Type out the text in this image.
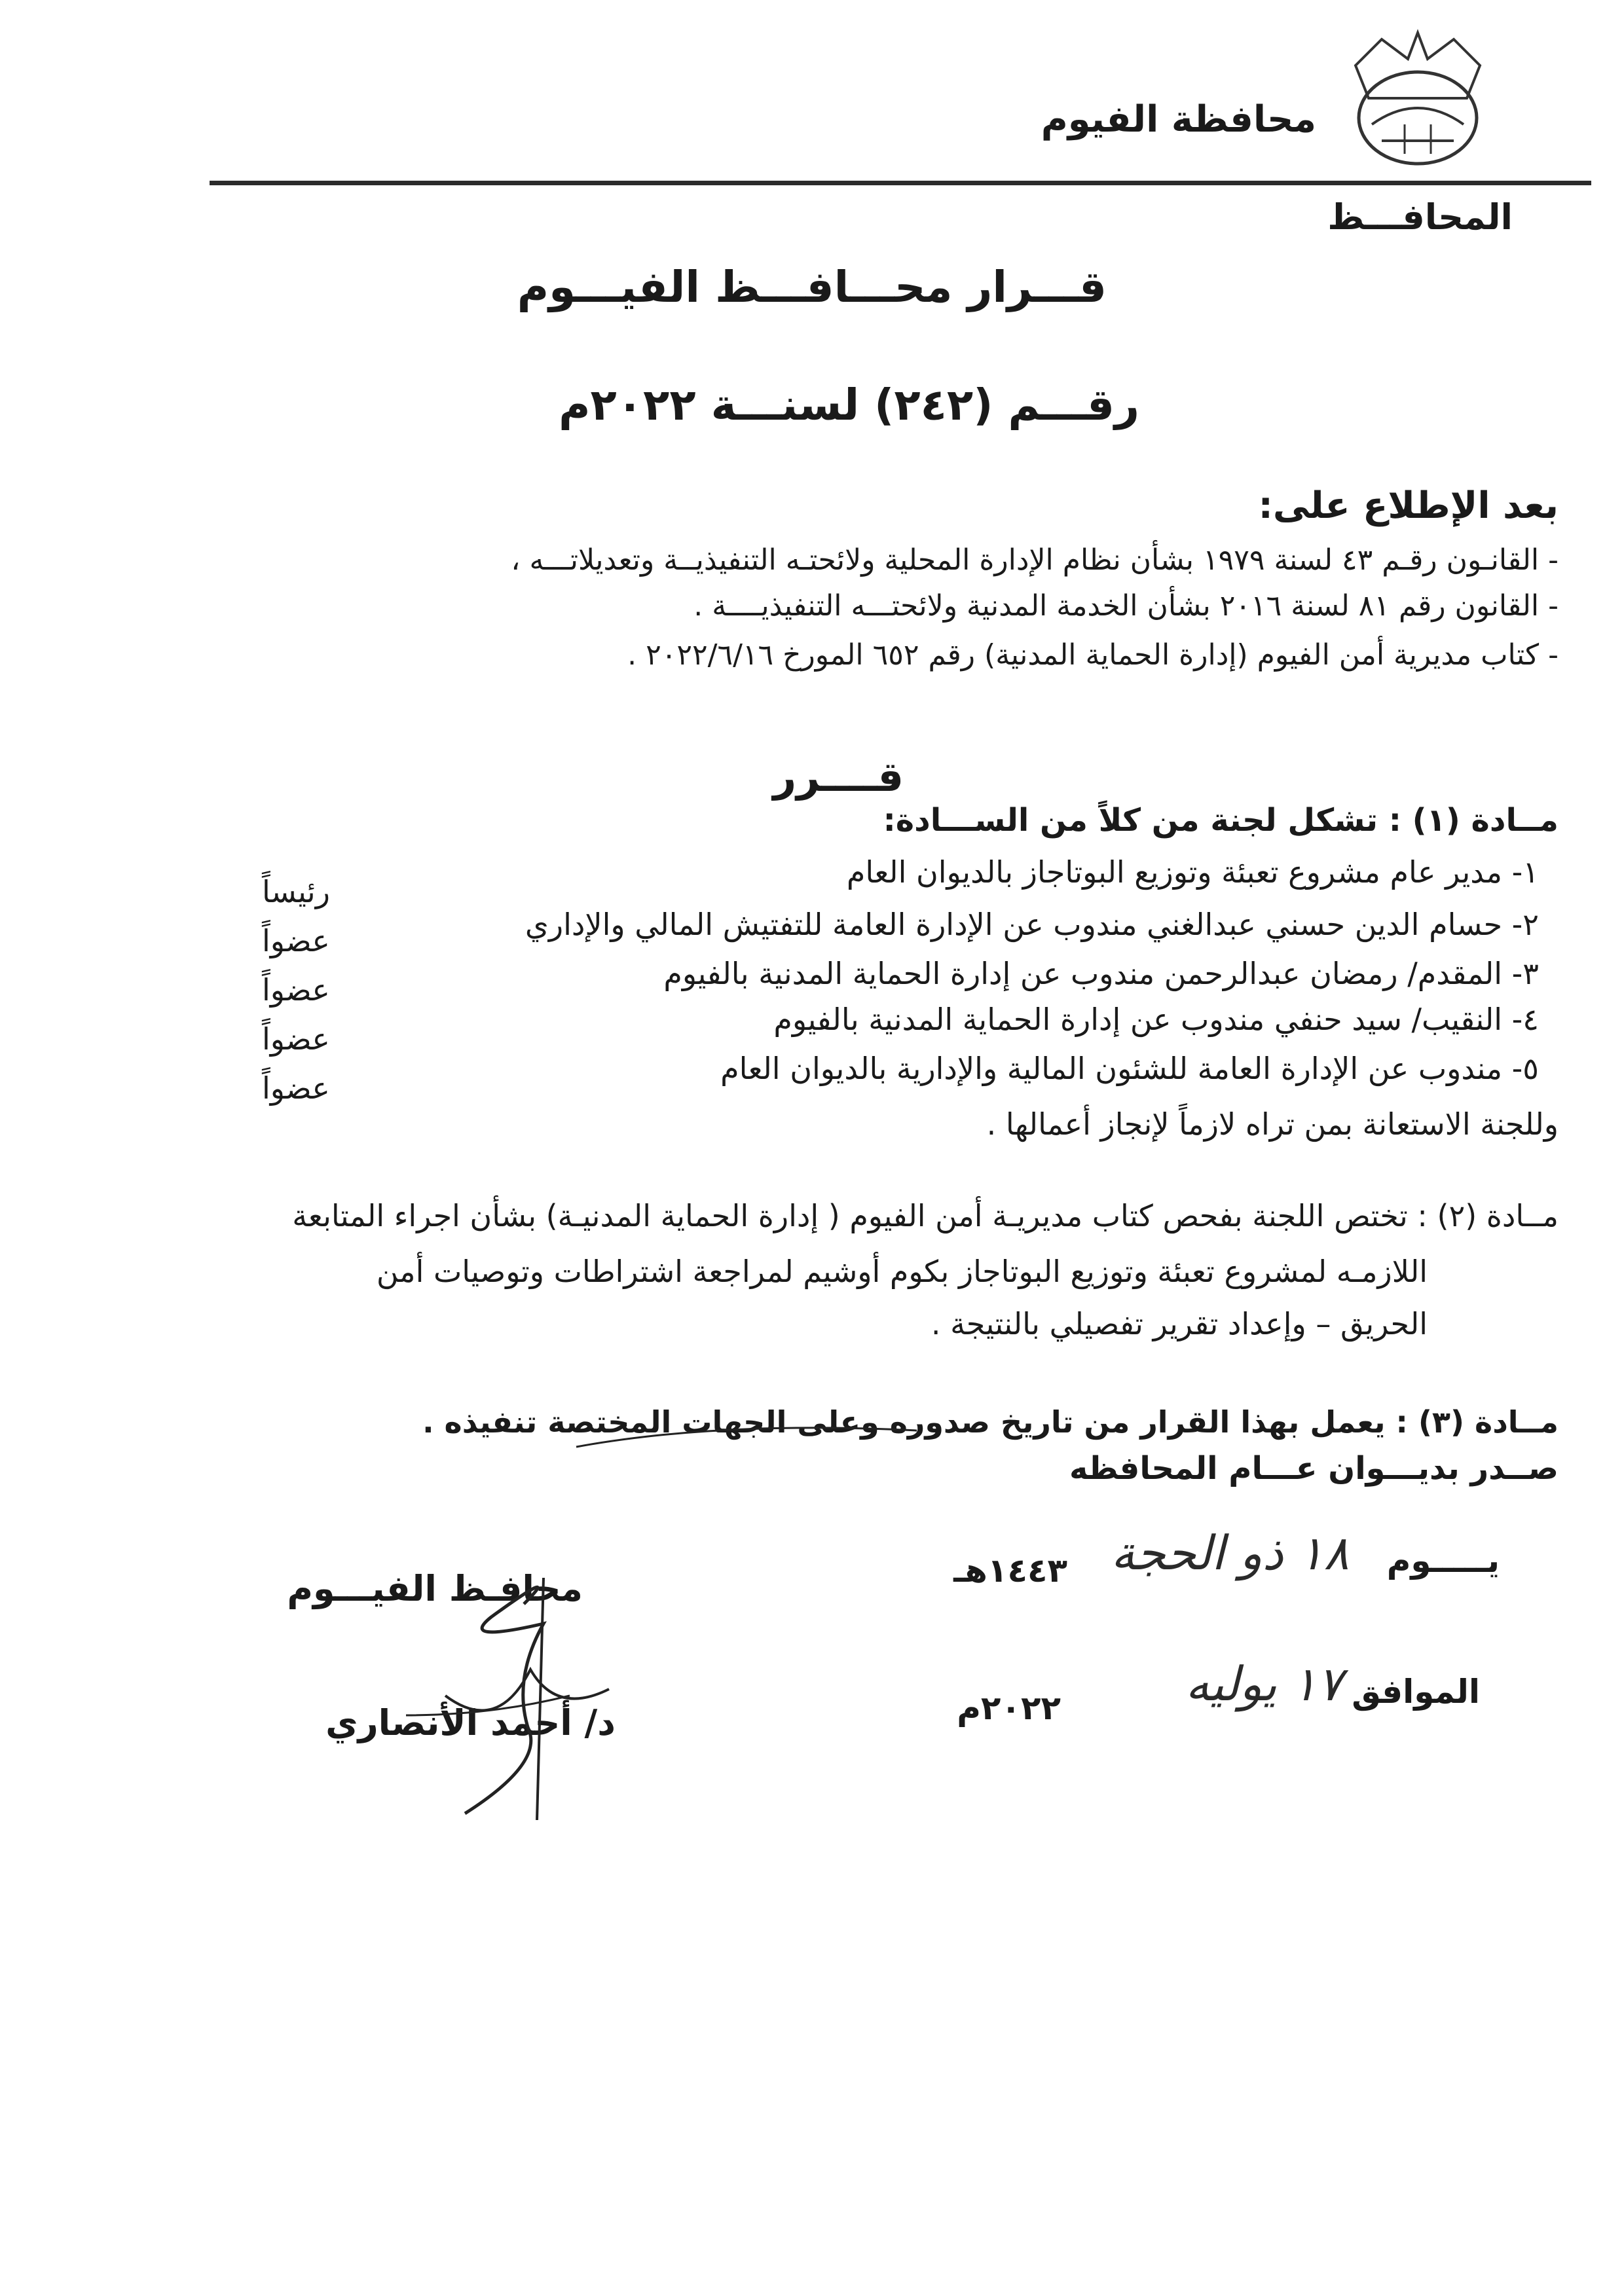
محافظة الفيوم
المحافـــظ
قـــرار محـــافـــظ الفيـــوم
رقـــم (٢٤٢) لسنـــة ٢٠٢٢م
بعد الإطلاع على:
- القانـون رقـم ٤٣ لسنة ١٩٧٩ بشأن نظام الإدارة المحلية ولائحتـه التنفيذيــة وتعديلاتـــه ،
- القانون رقم ٨١ لسنة ٢٠١٦ بشأن الخدمة المدنية ولائحتـــه التنفيذيــــة .
- كتاب مديرية أمن الفيوم (إدارة الحماية المدنية) رقم ٦٥٢ المورخ ٢٠٢٢/٦/١٦ .
قــــرر
مــادة (١) : تشكل لجنة من كلاً من الســـادة:
١- مدير عام مشروع تعبئة وتوزيع البوتاجاز بالديوان العام
رئيساً
٢- حسام الدين حسني عبدالغني مندوب عن الإدارة العامة للتفتيش المالي والإداري
عضواً
٣- المقدم/ رمضان عبدالرحمن مندوب عن إدارة الحماية المدنية بالفيوم
عضواً
٤- النقيب/ سيد حنفي مندوب عن إدارة الحماية المدنية بالفيوم
عضواً
٥- مندوب عن الإدارة العامة للشئون المالية والإدارية بالديوان العام
عضواً
وللجنة الاستعانة بمن تراه لازماً لإنجاز أعمالها .
مــادة (٢) : تختص اللجنة بفحص كتاب مديريـة أمن الفيوم ( إدارة الحماية المدنيـة) بشأن اجراء المتابعة
اللازمـه لمشروع تعبئة وتوزيع البوتاجاز بكوم أوشيم لمراجعة اشتراطات وتوصيات أمن
الحريق – وإعداد تقرير تفصيلي بالنتيجة .
مــادة (٣) : يعمل بهذا القرار من تاريخ صدوره وعلى الجهات المختصة تنفيذه .
صــدر بديـــوان عـــام المحافظه
يـــــوم
١٨ ذو الحجة
١٤٤٣هـ
الموافق
١٧ يوليه
٢٠٢٢م
محافـظ الفيـــوم
د/ أحمد الأنصاري
